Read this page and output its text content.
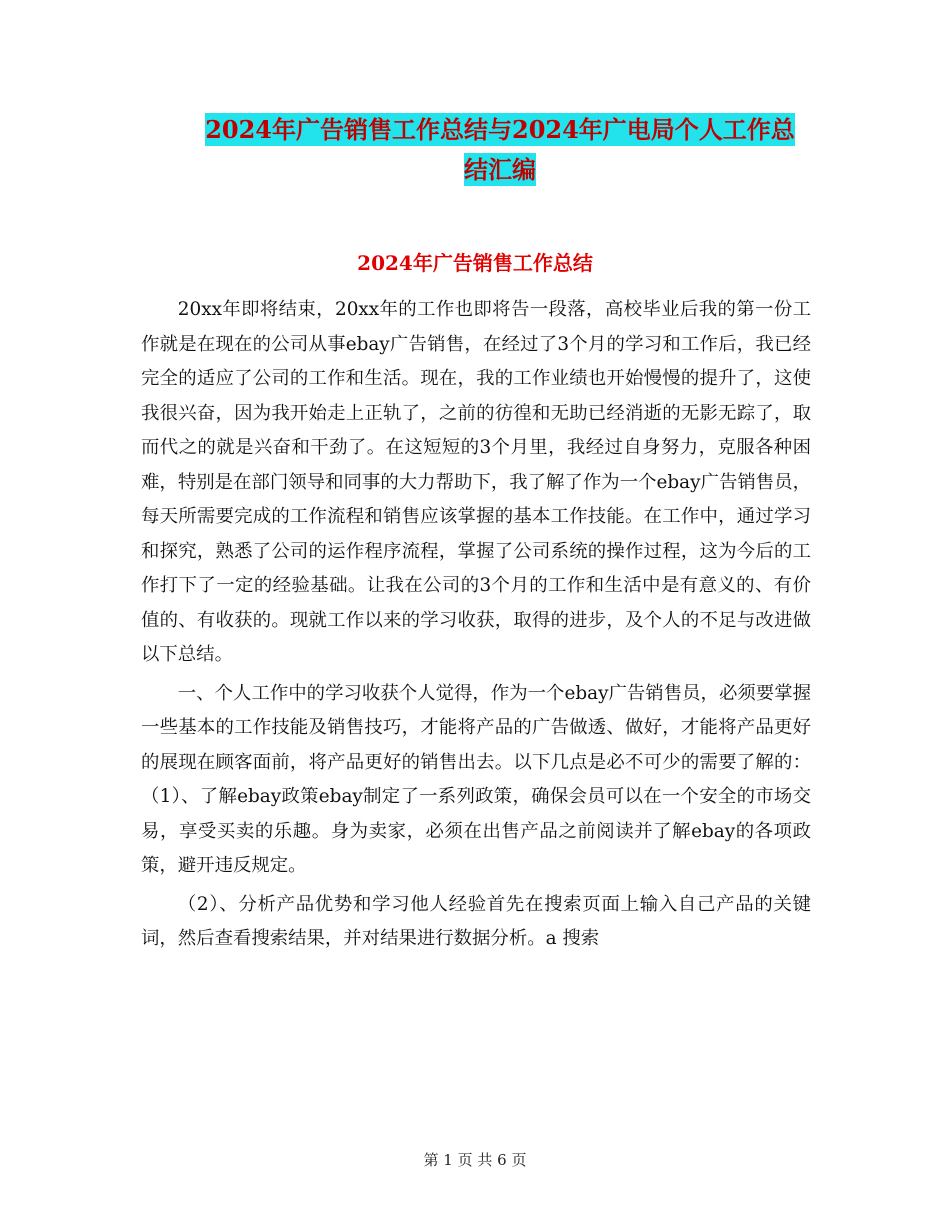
2024年广告销售工作总结与2024年广电局个人工作总
结汇编
2024年广告销售工作总结

20xx年即将结束，20xx年的工作也即将告一段落，高校毕业后我的第一份工作就是在现在的公司从事ebay广告销售，在经过了3个月的学习和工作后，我已经完全的适应了公司的工作和生活。现在，我的工作业绩也开始慢慢的提升了，这使我很兴奋，因为我开始走上正轨了，之前的彷徨和无助已经消逝的无影无踪了，取而代之的就是兴奋和干劲了。在这短短的3个月里，我经过自身努力，克服各种困难，特别是在部门领导和同事的大力帮助下，我了解了作为一个ebay广告销售员，每天所需要完成的工作流程和销售应该掌握的基本工作技能。在工作中，通过学习和探究，熟悉了公司的运作程序流程，掌握了公司系统的操作过程，这为今后的工作打下了一定的经验基础。让我在公司的3个月的工作和生活中是有意义的、有价值的、有收获的。现就工作以来的学习收获，取得的进步，及个人的不足与改进做以下总结。

一、个人工作中的学习收获个人觉得，作为一个ebay广告销售员，必须要掌握一些基本的工作技能及销售技巧，才能将产品的广告做透、做好，才能将产品更好的展现在顾客面前，将产品更好的销售出去。以下几点是必不可少的需要了解的：（1）、了解ebay政策ebay制定了一系列政策，确保会员可以在一个安全的市场交易，享受买卖的乐趣。身为卖家，必须在出售产品之前阅读并了解ebay的各项政策，避开违反规定。

（2）、分析产品优势和学习他人经验首先在搜索页面上输入自己产品的关键词，然后查看搜索结果，并对结果进行数据分析。a 搜索

第 1 页 共 6 页
